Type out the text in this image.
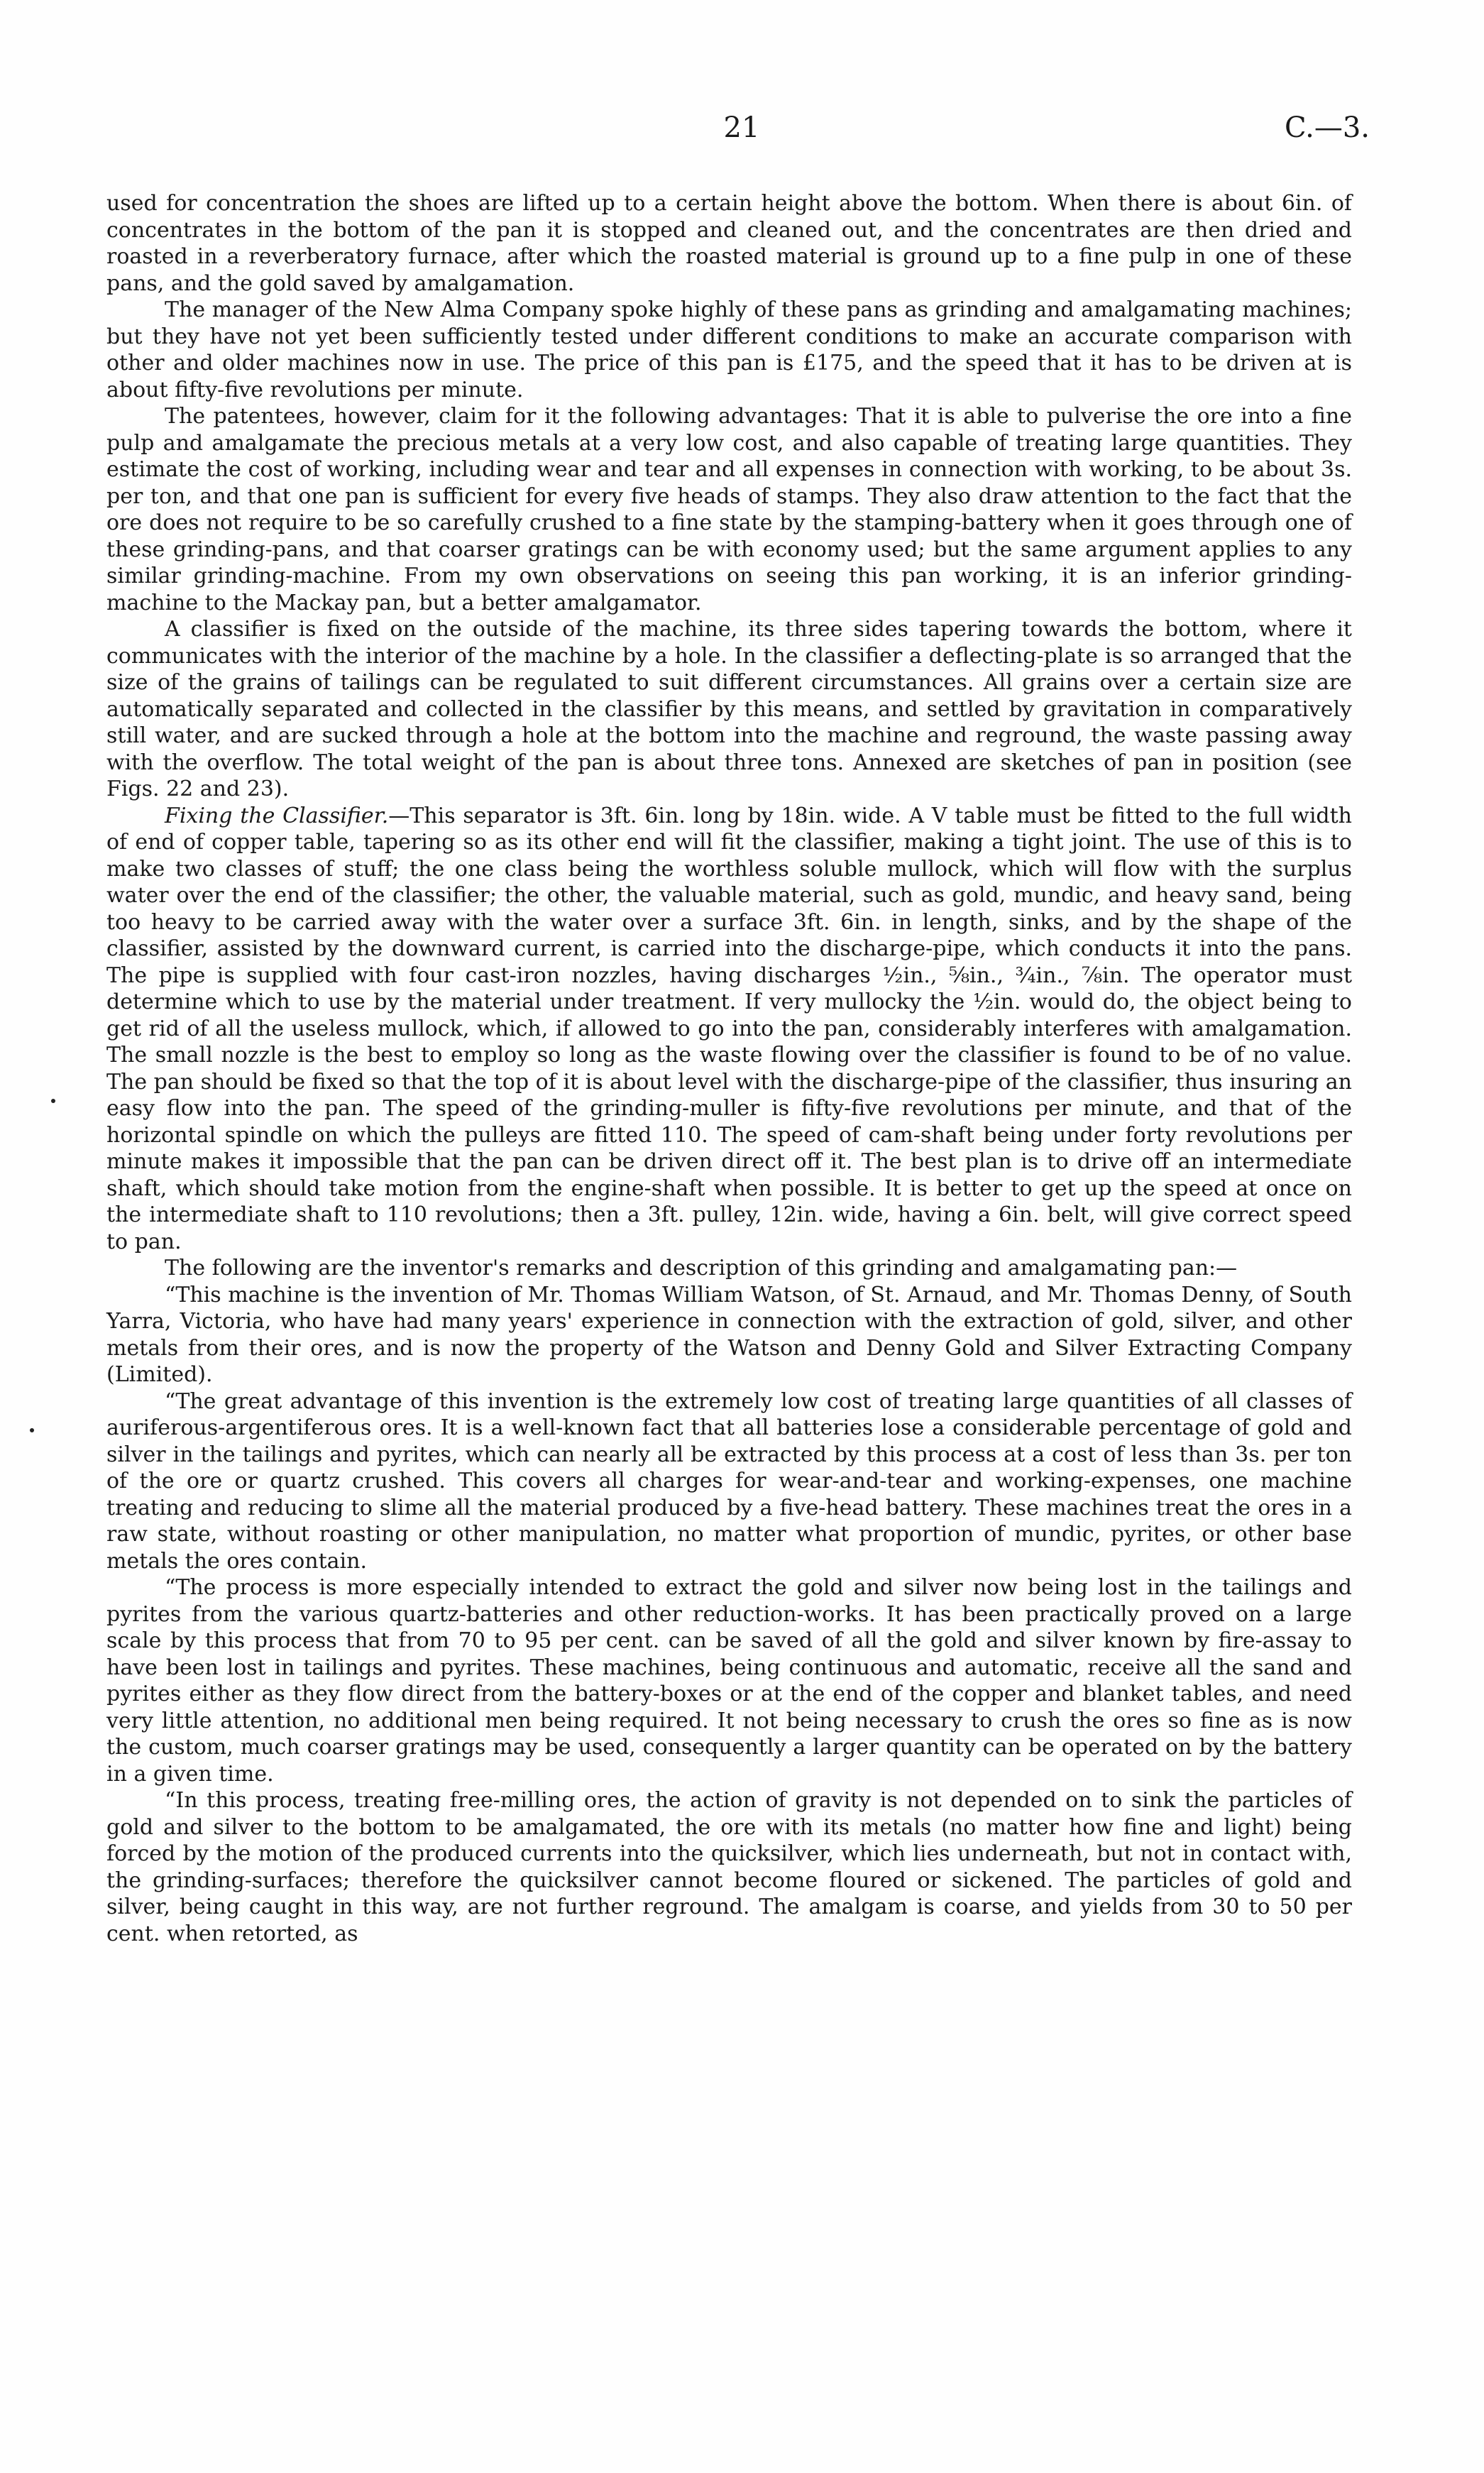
21	C.—3.

used for concentration the shoes are lifted up to a certain height above the bottom. When there is about 6in. of concentrates in the bottom of the pan it is stopped and cleaned out, and the concentrates are then dried and roasted in a reverberatory furnace, after which the roasted material is ground up to a fine pulp in one of these pans, and the gold saved by amalgamation.

The manager of the New Alma Company spoke highly of these pans as grinding and amalgamating machines; but they have not yet been sufficiently tested under different conditions to make an accurate comparison with other and older machines now in use. The price of this pan is £175, and the speed that it has to be driven at is about fifty-five revolutions per minute.

The patentees, however, claim for it the following advantages: That it is able to pulverise the ore into a fine pulp and amalgamate the precious metals at a very low cost, and also capable of treating large quantities. They estimate the cost of working, including wear and tear and all expenses in connection with working, to be about 3s. per ton, and that one pan is sufficient for every five heads of stamps. They also draw attention to the fact that the ore does not require to be so carefully crushed to a fine state by the stamping-battery when it goes through one of these grinding-pans, and that coarser gratings can be with economy used; but the same argument applies to any similar grinding-machine. From my own observations on seeing this pan working, it is an inferior grinding-machine to the Mackay pan, but a better amalgamator.

A classifier is fixed on the outside of the machine, its three sides tapering towards the bottom, where it communicates with the interior of the machine by a hole. In the classifier a deflecting-plate is so arranged that the size of the grains of tailings can be regulated to suit different circumstances. All grains over a certain size are automatically separated and collected in the classifier by this means, and settled by gravitation in comparatively still water, and are sucked through a hole at the bottom into the machine and reground, the waste passing away with the overflow. The total weight of the pan is about three tons. Annexed are sketches of pan in position (see Figs. 22 and 23).

Fixing the Classifier.—This separator is 3ft. 6in. long by 18in. wide. A V table must be fitted to the full width of end of copper table, tapering so as its other end will fit the classifier, making a tight joint. The use of this is to make two classes of stuff; the one class being the worthless soluble mullock, which will flow with the surplus water over the end of the classifier; the other, the valuable material, such as gold, mundic, and heavy sand, being too heavy to be carried away with the water over a surface 3ft. 6in. in length, sinks, and by the shape of the classifier, assisted by the downward current, is carried into the discharge-pipe, which conducts it into the pans. The pipe is supplied with four cast-iron nozzles, having discharges ½in., ⅝in., ¾in., ⅞in. The operator must determine which to use by the material under treatment. If very mullocky the ½in. would do, the object being to get rid of all the useless mullock, which, if allowed to go into the pan, considerably interferes with amalgamation. The small nozzle is the best to employ so long as the waste flowing over the classifier is found to be of no value. The pan should be fixed so that the top of it is about level with the discharge-pipe of the classifier, thus insuring an easy flow into the pan. The speed of the grinding-muller is fifty-five revolutions per minute, and that of the horizontal spindle on which the pulleys are fitted 110. The speed of cam-shaft being under forty revolutions per minute makes it impossible that the pan can be driven direct off it. The best plan is to drive off an intermediate shaft, which should take motion from the engine-shaft when possible. It is better to get up the speed at once on the intermediate shaft to 110 revolutions; then a 3ft. pulley, 12in. wide, having a 6in. belt, will give correct speed to pan.

The following are the inventor's remarks and description of this grinding and amalgamating pan:—

“This machine is the invention of Mr. Thomas William Watson, of St. Arnaud, and Mr. Thomas Denny, of South Yarra, Victoria, who have had many years' experience in connection with the extraction of gold, silver, and other metals from their ores, and is now the property of the Watson and Denny Gold and Silver Extracting Company (Limited).

“The great advantage of this invention is the extremely low cost of treating large quantities of all classes of auriferous-argentiferous ores. It is a well-known fact that all batteries lose a considerable percentage of gold and silver in the tailings and pyrites, which can nearly all be extracted by this process at a cost of less than 3s. per ton of the ore or quartz crushed. This covers all charges for wear-and-tear and working-expenses, one machine treating and reducing to slime all the material produced by a five-head battery. These machines treat the ores in a raw state, without roasting or other manipulation, no matter what proportion of mundic, pyrites, or other base metals the ores contain.

“The process is more especially intended to extract the gold and silver now being lost in the tailings and pyrites from the various quartz-batteries and other reduction-works. It has been practically proved on a large scale by this process that from 70 to 95 per cent. can be saved of all the gold and silver known by fire-assay to have been lost in tailings and pyrites. These machines, being continuous and automatic, receive all the sand and pyrites either as they flow direct from the battery-boxes or at the end of the copper and blanket tables, and need very little attention, no additional men being required. It not being necessary to crush the ores so fine as is now the custom, much coarser gratings may be used, consequently a larger quantity can be operated on by the battery in a given time.

“In this process, treating free-milling ores, the action of gravity is not depended on to sink the particles of gold and silver to the bottom to be amalgamated, the ore with its metals (no matter how fine and light) being forced by the motion of the produced currents into the quicksilver, which lies underneath, but not in contact with, the grinding-surfaces; therefore the quicksilver cannot become floured or sickened. The particles of gold and silver, being caught in this way, are not further reground. The amalgam is coarse, and yields from 30 to 50 per cent. when retorted, as
